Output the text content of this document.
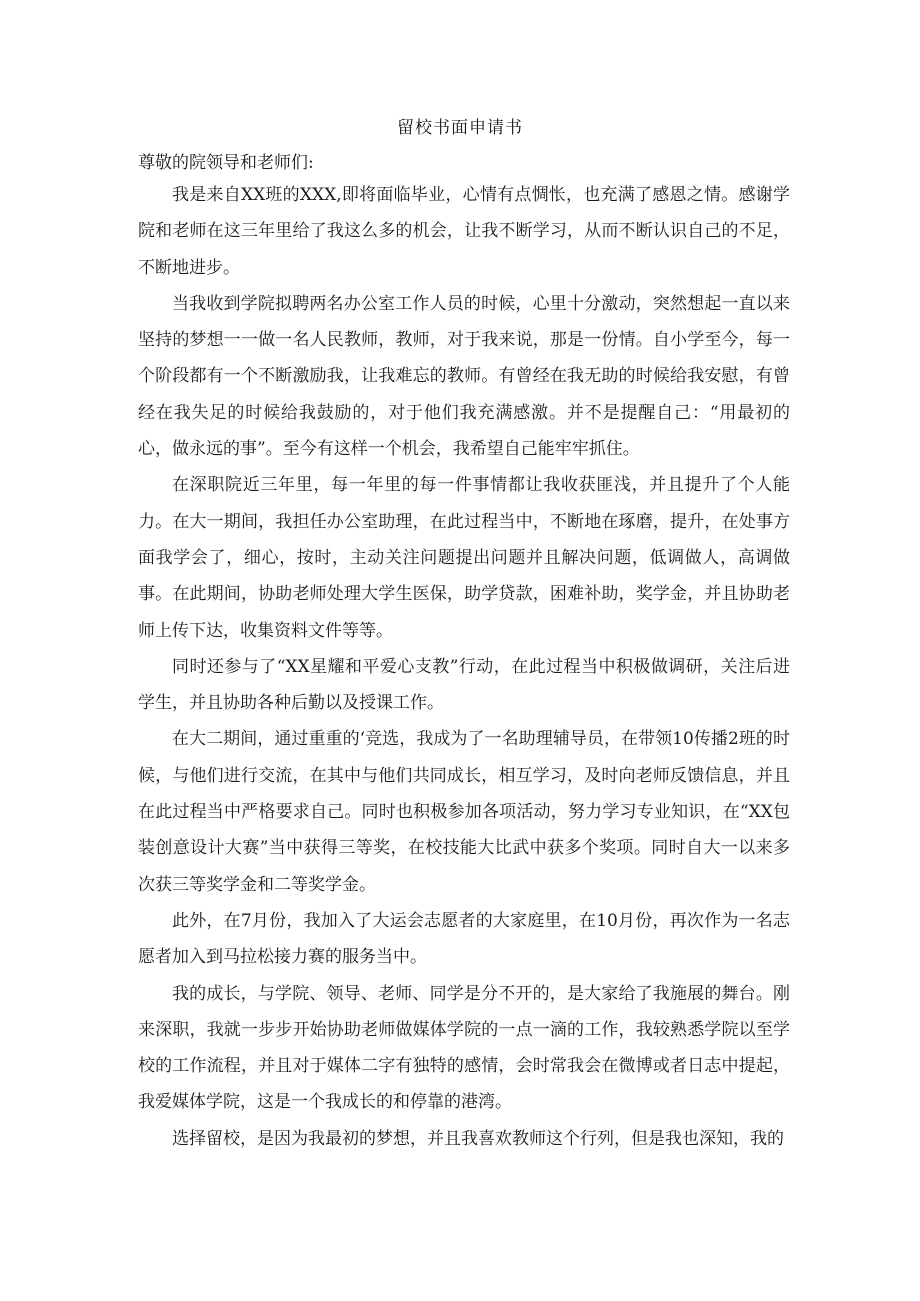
留校书面申请书
尊敬的院领导和老师们:

我是来自XX班的XXX,即将面临毕业，心情有点惆怅，也充满了感恩之情。感谢学院和老师在这三年里给了我这么多的机会，让我不断学习，从而不断认识自己的不足，不断地进步。

当我收到学院拟聘两名办公室工作人员的时候，心里十分激动，突然想起一直以来坚持的梦想一一做一名人民教师，教师，对于我来说，那是一份情。自小学至今，每一个阶段都有一个不断激励我，让我难忘的教师。有曾经在我无助的时候给我安慰，有曾经在我失足的时候给我鼓励的，对于他们我充满感激。并不是提醒自己：“用最初的心，做永远的事”。至今有这样一个机会，我希望自己能牢牢抓住。

在深职院近三年里，每一年里的每一件事情都让我收获匪浅，并且提升了个人能力。在大一期间，我担任办公室助理，在此过程当中，不断地在琢磨，提升，在处事方面我学会了，细心，按时，主动关注问题提出问题并且解决问题，低调做人，高调做事。在此期间，协助老师处理大学生医保，助学贷款，困难补助，奖学金，并且协助老师上传下达，收集资料文件等等。

同时还参与了“XX星耀和平爱心支教”行动，在此过程当中积极做调研，关注后进学生，并且协助各种后勤以及授课工作。

在大二期间，通过重重的‘竞选，我成为了一名助理辅导员，在带领10传播2班的时候，与他们进行交流，在其中与他们共同成长，相互学习，及时向老师反馈信息，并且在此过程当中严格要求自己。同时也积极参加各项活动，努力学习专业知识，在“XX包装创意设计大赛”当中获得三等奖，在校技能大比武中获多个奖项。同时自大一以来多次获三等奖学金和二等奖学金。

此外，在7月份，我加入了大运会志愿者的大家庭里，在10月份，再次作为一名志愿者加入到马拉松接力赛的服务当中。

我的成长，与学院、领导、老师、同学是分不开的，是大家给了我施展的舞台。刚来深职，我就一步步开始协助老师做媒体学院的一点一滴的工作，我较熟悉学院以至学校的工作流程，并且对于媒体二字有独特的感情，会时常我会在微博或者日志中提起，我爱媒体学院，这是一个我成长的和停靠的港湾。

选择留校，是因为我最初的梦想，并且我喜欢教师这个行列，但是我也深知，我的
